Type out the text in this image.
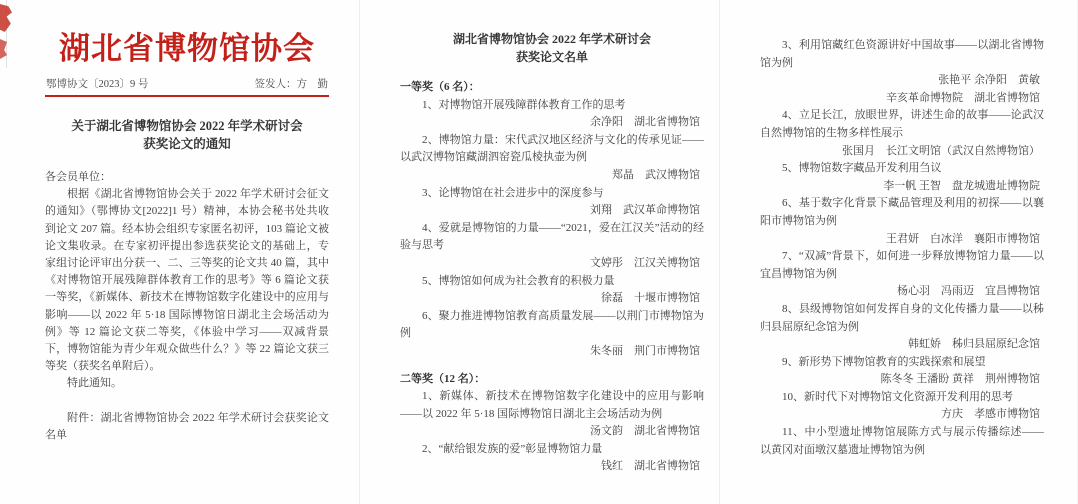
湖北省博物馆协会
鄂博协文〔2023〕9 号	签发人：方　勤
关于湖北省博物馆协会 2022 年学术研讨会
获奖论文的通知

各会员单位：

根据《湖北省博物馆协会关于 2022 年学术研讨会征文的通知》（鄂博协文[2022]1 号）精神，本协会秘书处共收到论文 207 篇。经本协会组织专家匿名初评，103 篇论文被论文集收录。在专家初评提出参选获奖论文的基础上，专家组讨论评审出分获一、二、三等奖的论文共 40 篇，其中《对博物馆开展残障群体教育工作的思考》等 6 篇论文获一等奖，《新媒体、新技术在博物馆数字化建设中的应用与影响——以 2022 年 5·18 国际博物馆日湖北主会场活动为例》等 12 篇论文获二等奖，《体验中学习——双减背景下，博物馆能为青少年观众做些什么？》等 22 篇论文获三等奖（获奖名单附后）。

特此通知。

附件：湖北省博物馆协会 2022 年学术研讨会获奖论文名单

湖北省博物馆协会 2022 年学术研讨会
获奖论文名单
一等奖（6 名）：
1、对博物馆开展残障群体教育工作的思考
余净阳　湖北省博物馆
2、博物馆力量：宋代武汉地区经济与文化的传承见证——以武汉博物馆藏湖泗窑瓷瓜棱执壶为例
郑晶　武汉博物馆
3、论博物馆在社会进步中的深度参与
刘翔　武汉革命博物馆
4、爱就是博物馆的力量——“2021，爱在江汉关”活动的经验与思考
文婷彤　江汉关博物馆
5、博物馆如何成为社会教育的积极力量
徐磊　十堰市博物馆
6、聚力推进博物馆教育高质量发展——以荆门市博物馆为例
朱冬丽　荆门市博物馆
二等奖（12 名）：
1、新媒体、新技术在博物馆数字化建设中的应用与影响——以 2022 年 5·18 国际博物馆日湖北主会场活动为例
汤文韵　湖北省博物馆
2、“献给银发族的爱”彰显博物馆力量
钱红　湖北省博物馆
3、利用馆藏红色资源讲好中国故事——以湖北省博物馆为例
张艳平 余净阳　黄敏
辛亥革命博物院　湖北省博物馆
4、立足长江，放眼世界，讲述生命的故事——论武汉自然博物馆的生物多样性展示
张国月　长江文明馆（武汉自然博物馆）
5、博物馆数字藏品开发利用刍议
李一帆 王智　盘龙城遗址博物院
6、基于数字化背景下藏品管理及利用的初探——以襄阳市博物馆为例
王君妍　白冰洋　襄阳市博物馆
7、“双减”背景下，如何进一步释放博物馆力量——以宜昌博物馆为例
杨心羽　冯雨迈　宜昌博物馆
8、县级博物馆如何发挥自身的文化传播力量——以秭归县屈原纪念馆为例
韩虹娇　秭归县屈原纪念馆
9、新形势下博物馆教育的实践探索和展望
陈冬冬 王潘盼 黄祥　荆州博物馆
10、新时代下对博物馆文化资源开发利用的思考
方庆　孝感市博物馆
11、中小型遗址博物馆展陈方式与展示传播综述——以黄冈对面墩汉墓遗址博物馆为例
